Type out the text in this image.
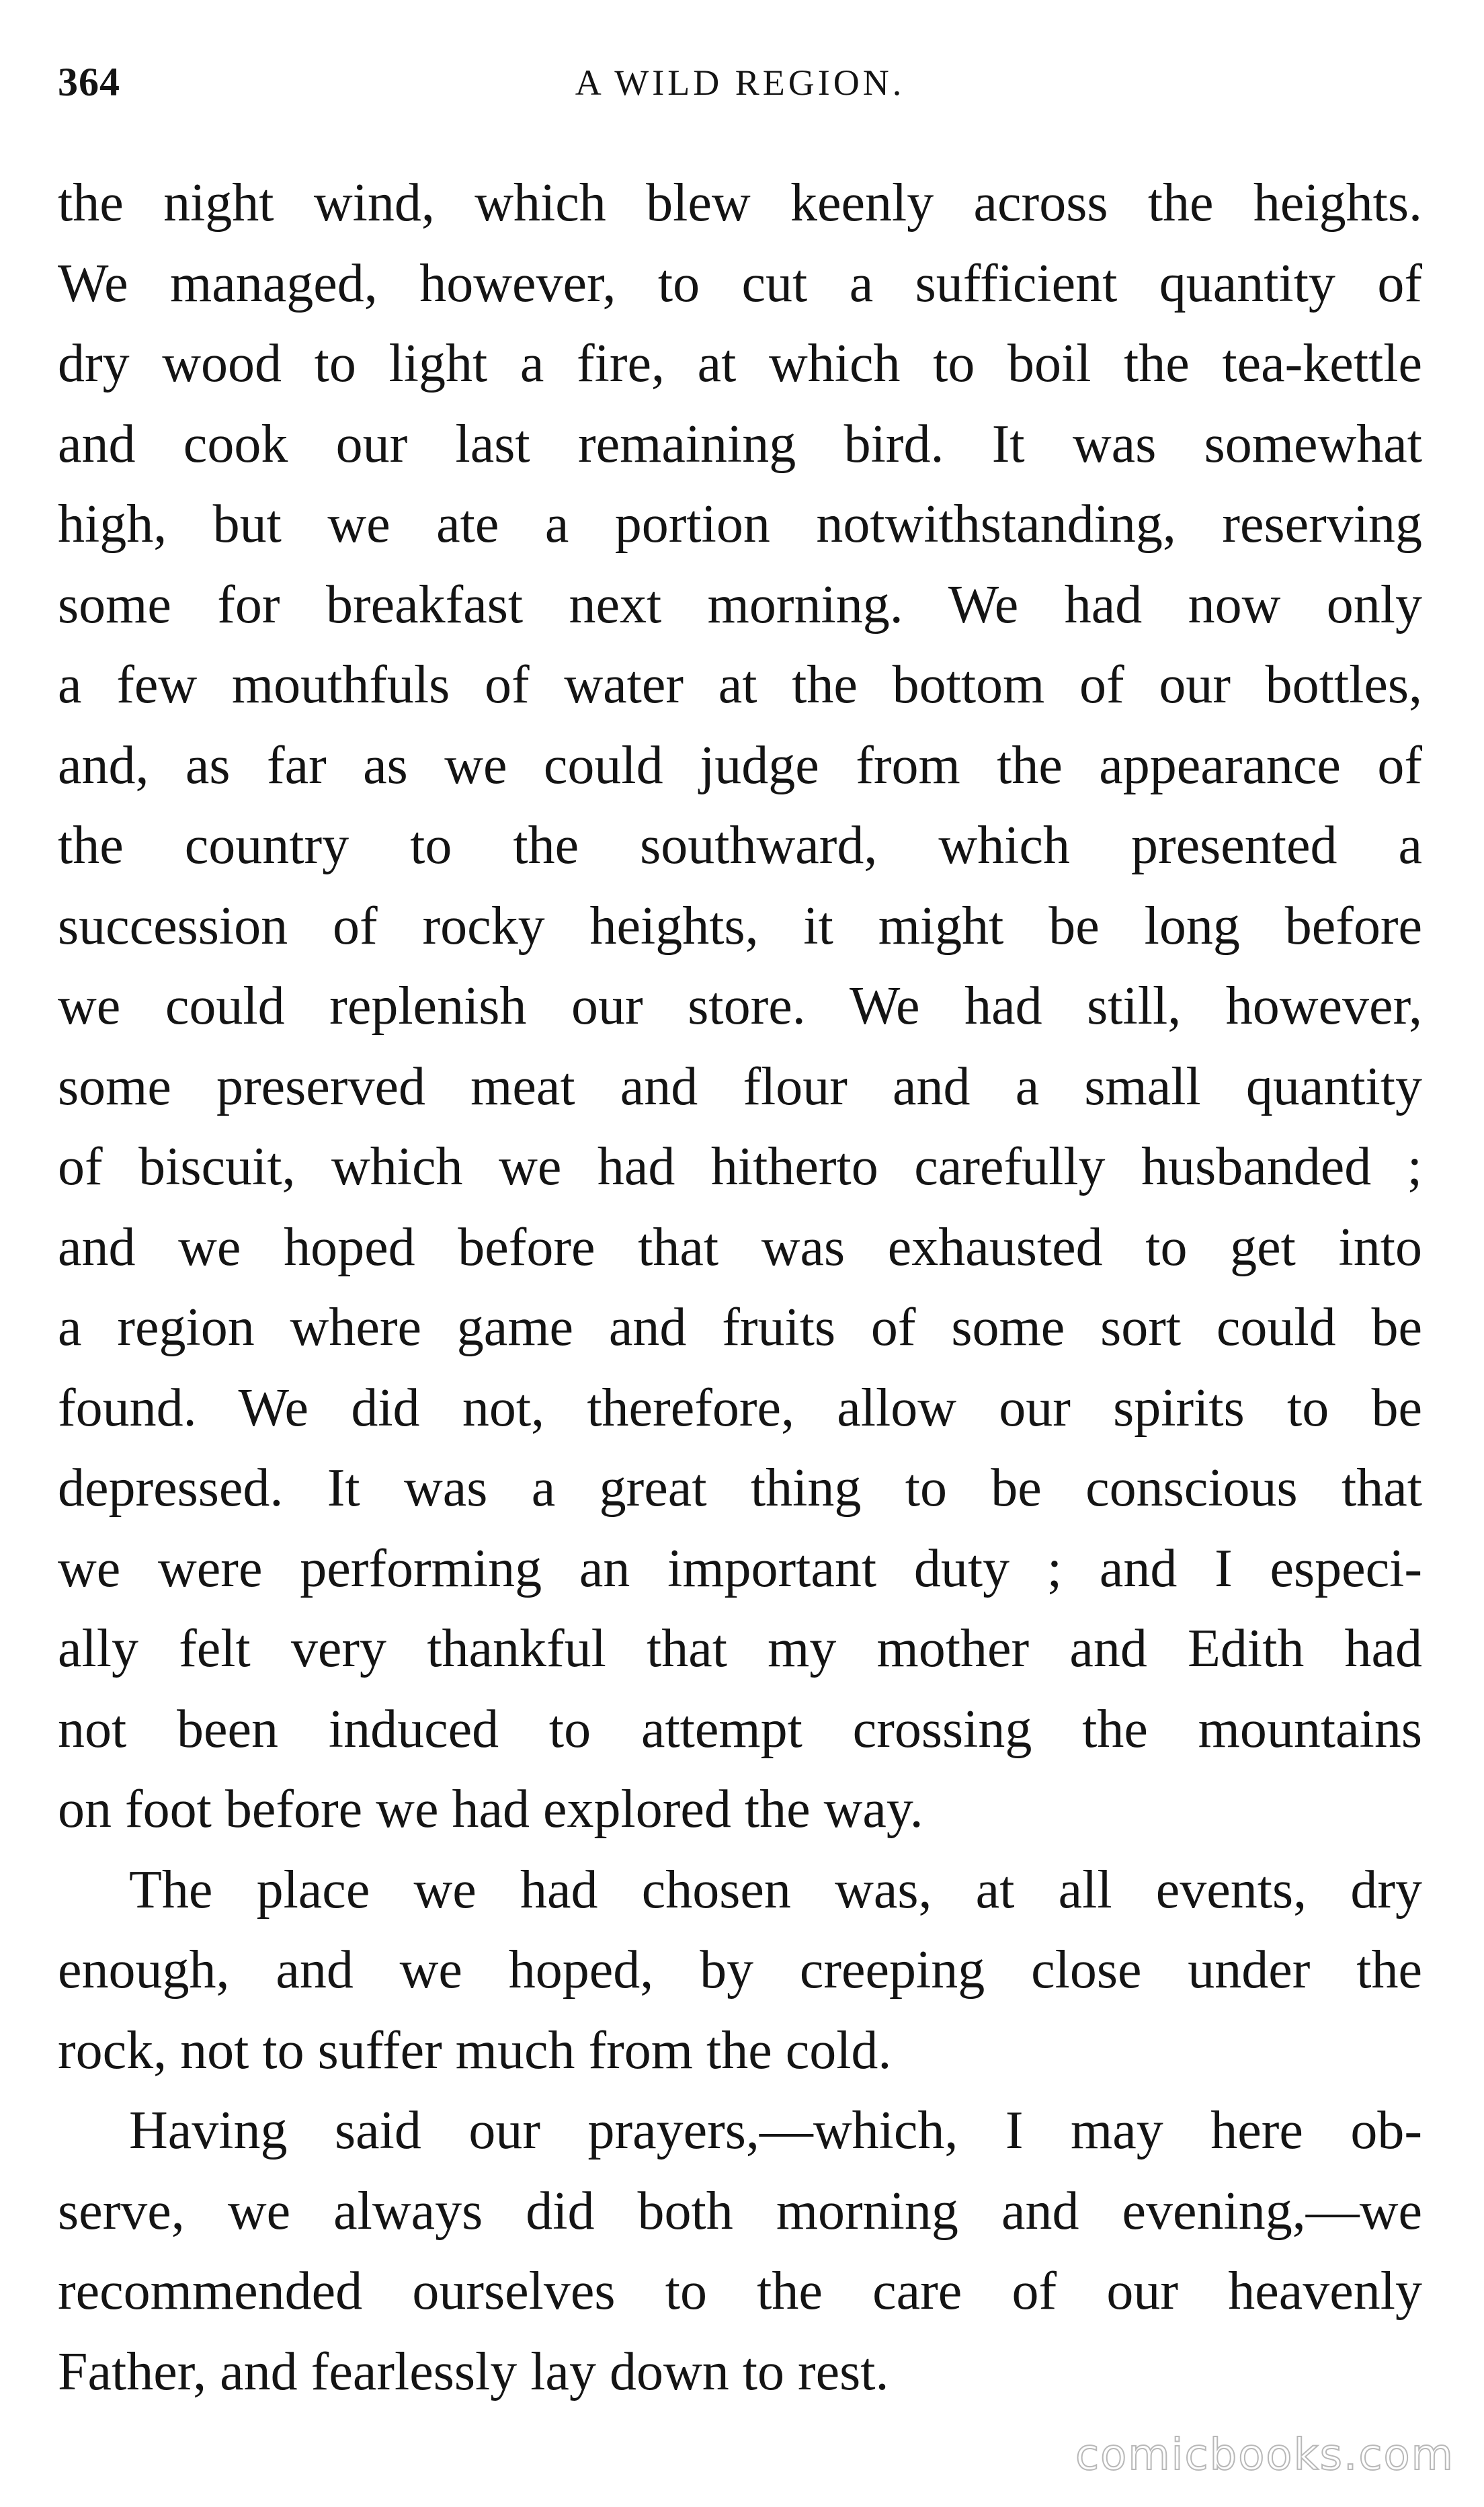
364	A WILD REGION.
the night wind, which blew keenly across the heights.
We managed, however, to cut a sufficient quantity of
dry wood to light a fire, at which to boil the tea-kettle
and cook our last remaining bird. It was somewhat
high, but we ate a portion notwithstanding, reserving
some for breakfast next morning. We had now only
a few mouthfuls of water at the bottom of our bottles,
and, as far as we could judge from the appearance of
the country to the southward, which presented a
succession of rocky heights, it might be long before
we could replenish our store. We had still, however,
some preserved meat and flour and a small quantity
of biscuit, which we had hitherto carefully husbanded ;
and we hoped before that was exhausted to get into
a region where game and fruits of some sort could be
found. We did not, therefore, allow our spirits to be
depressed. It was a great thing to be conscious that
we were performing an important duty ; and I especi-
ally felt very thankful that my mother and Edith had
not been induced to attempt crossing the mountains
on foot before we had explored the way.
The place we had chosen was, at all events, dry
enough, and we hoped, by creeping close under the
rock, not to suffer much from the cold.
Having said our prayers,—which, I may here ob-
serve, we always did both morning and evening,—we
recommended ourselves to the care of our heavenly
Father, and fearlessly lay down to rest.
comicbooks.com
